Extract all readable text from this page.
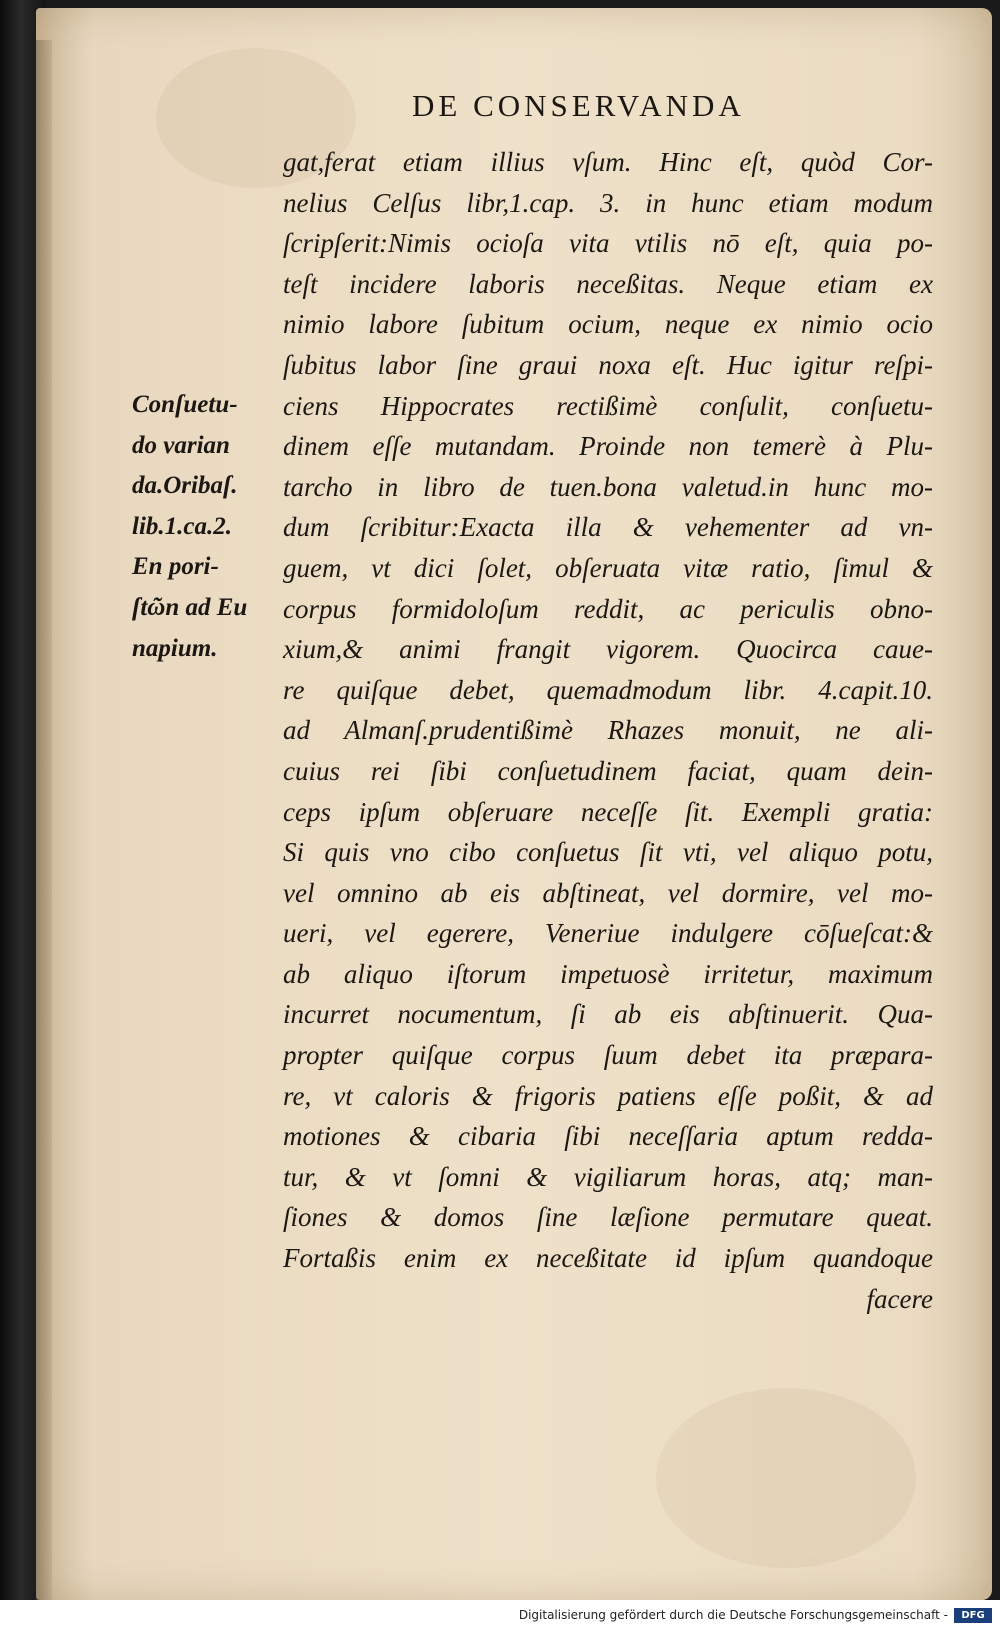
DE CONSERVANDA
Conſuetu-
do varian
da.Oribaſ.
lib.1.ca.2.
En pori-
ſtῶn ad Eu
napium.
gat,ferat etiam illius vſum. Hinc eſt, quòd Cor-
nelius Celſus libr,1.cap. 3. in hunc etiam modum
ſcripſerit:Nimis ocioſa vita vtilis nō eſt, quia po-
teſt incidere laboris neceßitas. Neque etiam ex
nimio labore ſubitum ocium, neque ex nimio ocio
ſubitus labor ſine graui noxa eſt. Huc igitur reſpi-
ciens Hippocrates rectißimè conſulit, conſuetu-
dinem eſſe mutandam. Proinde non temerè à Plu-
tarcho in libro de tuen.bona valetud.in hunc mo-
dum ſcribitur:Exacta illa & vehementer ad vn-
guem, vt dici ſolet, obſeruata vitæ ratio, ſimul &
corpus formidoloſum reddit, ac periculis obno-
xium,& animi frangit vigorem. Quocirca caue-
re quiſque debet, quemadmodum libr. 4.capit.10.
ad Almanſ.prudentißimè Rhazes monuit, ne ali-
cuius rei ſibi conſuetudinem faciat, quam dein-
ceps ipſum obſeruare neceſſe ſit. Exempli gratia:
Si quis vno cibo conſuetus ſit vti, vel aliquo potu,
vel omnino ab eis abſtineat, vel dormire, vel mo-
ueri, vel egerere, Veneriue indulgere cōſueſcat:&
ab aliquo iſtorum impetuosè irritetur, maximum
incurret nocumentum, ſi ab eis abſtinuerit. Qua-
propter quiſque corpus ſuum debet ita præpara-
re, vt caloris & frigoris patiens eſſe poßit, & ad
motiones & cibaria ſibi neceſſaria aptum redda-
tur, & vt ſomni & vigiliarum horas, atq; man-
ſiones & domos ſine læſione permutare queat.
Fortaßis enim ex neceßitate id ipſum quandoque
facere
Digitalisierung gefördert durch die Deutsche Forschungsgemeinschaft -	DFG
